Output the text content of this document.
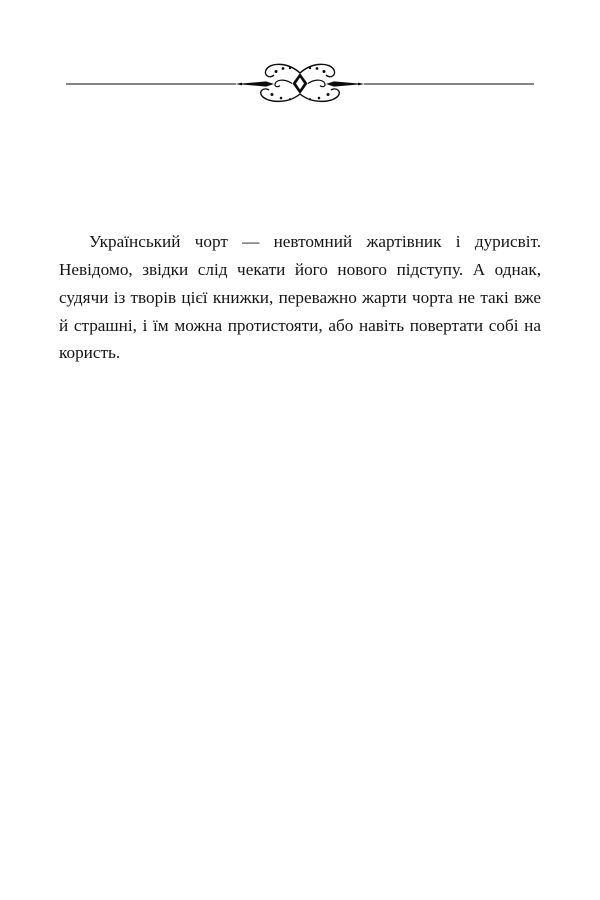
Український чорт — невтомний жартівник і дурисвіт. Невідомо, звідки слід чекати його нового підступу. А однак, судячи із творів цієї книжки, переважно жарти чорта не такі вже й страшні, і їм можна протистояти, або навіть повертати собі на користь.
